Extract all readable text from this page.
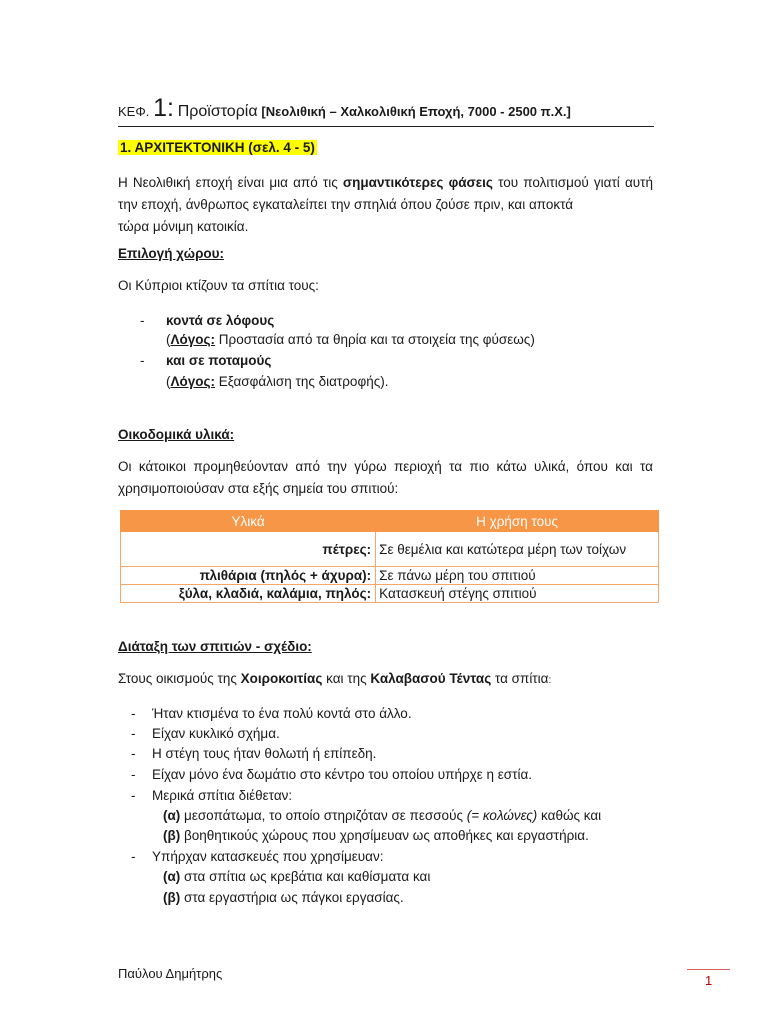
ΚΕΦ. 1: Προϊστορία [Νεολιθική – Χαλκολιθική Εποχή, 7000 - 2500 π.Χ.]
1. ΑΡΧΙΤΕΚΤΟΝΙΚΗ (σελ. 4 - 5)
Η Νεολιθική εποχή είναι μια από τις σημαντικότερες φάσεις του πολιτισμού γιατί αυτή την εποχή, άνθρωπος εγκαταλείπει την σπηλιά όπου ζούσε πριν, και αποκτά
τώρα μόνιμη κατοικία.
Επιλογή χώρου:
Οι Κύπριοι κτίζουν τα σπίτια τους:
- κοντά σε λόφους
(Λόγος: Προστασία από τα θηρία και τα στοιχεία της φύσεως)
- και σε ποταμούς
(Λόγος: Εξασφάλιση της διατροφής).
Οικοδομικά υλικά:
Οι κάτοικοι προμηθεύονταν από την γύρω περιοχή τα πιο κάτω υλικά, όπου και τα χρησιμοποιούσαν στα εξής σημεία του σπιτιού:
Υλικά	Η χρήση τους
πέτρες:	Σε θεμέλια και κατώτερα μέρη των τοίχων
πλιθάρια (πηλός + άχυρα):	Σε πάνω μέρη του σπιτιού
ξύλα, κλαδιά, καλάμια, πηλός:	Κατασκευή στέγης σπιτιού
Διάταξη των σπιτιών - σχέδιο:
Στους οικισμούς της Χοιροκοιτίας και της Καλαβασού Τέντας τα σπίτια:
- Ήταν κτισμένα το ένα πολύ κοντά στο άλλο.
- Είχαν κυκλικό σχήμα.
- Η στέγη τους ήταν θολωτή ή επίπεδη.
- Είχαν μόνο ένα δωμάτιο στο κέντρο του οποίου υπήρχε η εστία.
- Μερικά σπίτια διέθεταν:
(α) μεσοπάτωμα, το οποίο στηριζόταν σε πεσσούς (= κολώνες) καθώς και
(β) βοηθητικούς χώρους που χρησίμευαν ως αποθήκες και εργαστήρια.
- Υπήρχαν κατασκευές που χρησίμευαν:
(α) στα σπίτια ως κρεβάτια και καθίσματα και
(β) στα εργαστήρια ως πάγκοι εργασίας.
Παύλου Δημήτρης	1
